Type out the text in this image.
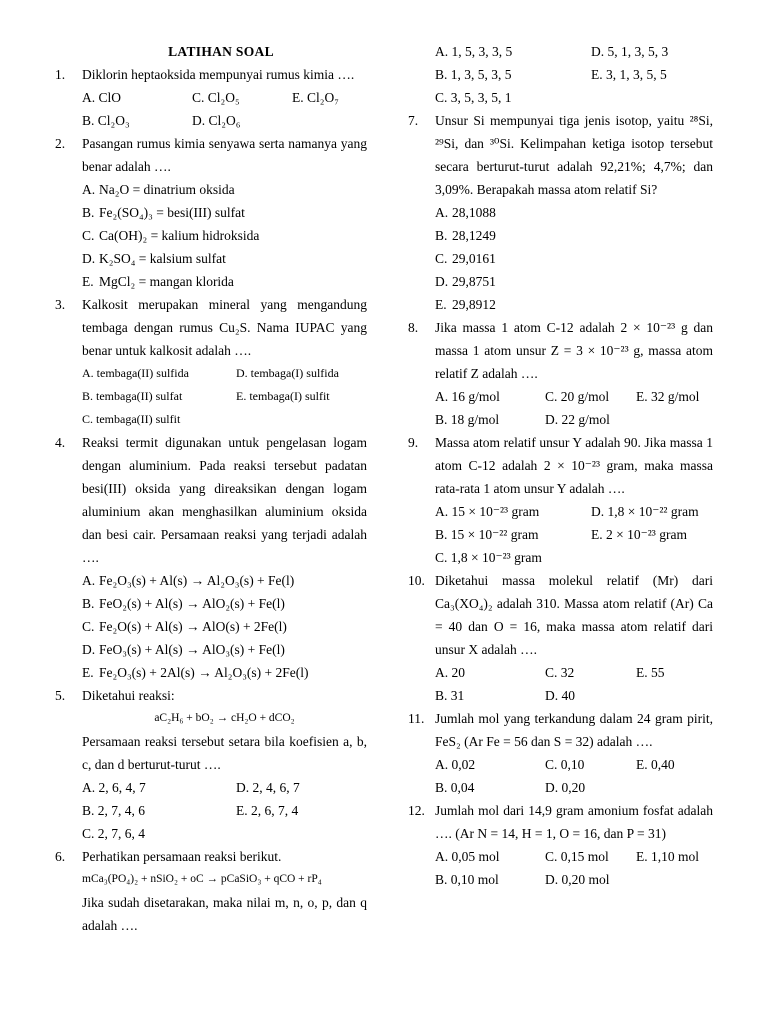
LATIHAN SOAL
1. Diklorin heptaoksida mempunyai rumus kimia ….
A. ClO	C. Cl₂O₅	E. Cl₂O₇
B. Cl₂O₃	D. Cl₂O₆
2. Pasangan rumus kimia senyawa serta namanya yang benar adalah ….
A. Na₂O = dinatrium oksida
B. Fe₂(SO₄)₃ = besi(III) sulfat
C. Ca(OH)₂ = kalium hidroksida
D. K₂SO₄ = kalsium sulfat
E. MgCl₂ = mangan klorida
3. Kalkosit merupakan mineral yang mengandung tembaga dengan rumus Cu₂S. Nama IUPAC yang benar untuk kalkosit adalah ….
A. tembaga(II) sulfida	D. tembaga(I) sulfida
B. tembaga(II) sulfat	E. tembaga(I) sulfit
C. tembaga(II) sulfit
4. Reaksi termit digunakan untuk pengelasan logam dengan aluminium. Pada reaksi tersebut padatan besi(III) oksida yang direaksikan dengan logam aluminium akan menghasilkan aluminium oksida dan besi cair. Persamaan reaksi yang terjadi adalah ….
A. Fe₂O₃(s) + Al(s) → Al₂O₃(s) + Fe(l)
B. FeO₂(s) + Al(s) → AlO₂(s) + Fe(l)
C. Fe₂O(s) + Al(s) → AlO(s) + 2Fe(l)
D. FeO₃(s) + Al(s) → AlO₃(s) + Fe(l)
E. Fe₂O₃(s) + 2Al(s) → Al₂O₃(s) + 2Fe(l)
5. Diketahui reaksi:
aC₂H₆ + bO₂ → cH₂O + dCO₂
Persamaan reaksi tersebut setara bila koefisien a, b, c, dan d berturut-turut ….
A. 2, 6, 4, 7	D. 2, 4, 6, 7
B. 2, 7, 4, 6	E. 2, 6, 7, 4
C. 2, 7, 6, 4
6. Perhatikan persamaan reaksi berikut.
mCa₃(PO₄)₂ + nSiO₂ + oC → pCaSiO₃ + qCO + rP₄
Jika sudah disetarakan, maka nilai m, n, o, p, dan q adalah ….
A. 1, 5, 3, 3, 5	D. 5, 1, 3, 5, 3
B. 1, 3, 5, 3, 5	E. 3, 1, 3, 5, 5
C. 3, 5, 3, 5, 1
7. Unsur Si mempunyai tiga jenis isotop, yaitu ²⁸Si, ²⁹Si, dan ³⁰Si. Kelimpahan ketiga isotop tersebut secara berturut-turut adalah 92,21%; 4,7%; dan 3,09%. Berapakah massa atom relatif Si?
A. 28,1088
B. 28,1249
C. 29,0161
D. 29,8751
E. 29,8912
8. Jika massa 1 atom C-12 adalah 2 × 10⁻²³ g dan massa 1 atom unsur Z = 3 × 10⁻²³ g, massa atom relatif Z adalah ….
A. 16 g/mol	C. 20 g/mol	E. 32 g/mol
B. 18 g/mol	D. 22 g/mol
9. Massa atom relatif unsur Y adalah 90. Jika massa 1 atom C-12 adalah 2 × 10⁻²³ gram, maka massa rata-rata 1 atom unsur Y adalah ….
A. 15 × 10⁻²³ gram	D. 1,8 × 10⁻²² gram
B. 15 × 10⁻²² gram	E. 2 × 10⁻²³ gram
C. 1,8 × 10⁻²³ gram
10. Diketahui massa molekul relatif (Mr) dari Ca₃(XO₄)₂ adalah 310. Massa atom relatif (Ar) Ca = 40 dan O = 16, maka massa atom relatif dari unsur X adalah ….
A. 20	C. 32	E. 55
B. 31	D. 40
11. Jumlah mol yang terkandung dalam 24 gram pirit, FeS₂ (Ar Fe = 56 dan S = 32) adalah ….
A. 0,02	C. 0,10	E. 0,40
B. 0,04	D. 0,20
12. Jumlah mol dari 14,9 gram amonium fosfat adalah …. (Ar N = 14, H = 1, O = 16, dan P = 31)
A. 0,05 mol	C. 0,15 mol	E. 1,10 mol
B. 0,10 mol	D. 0,20 mol
